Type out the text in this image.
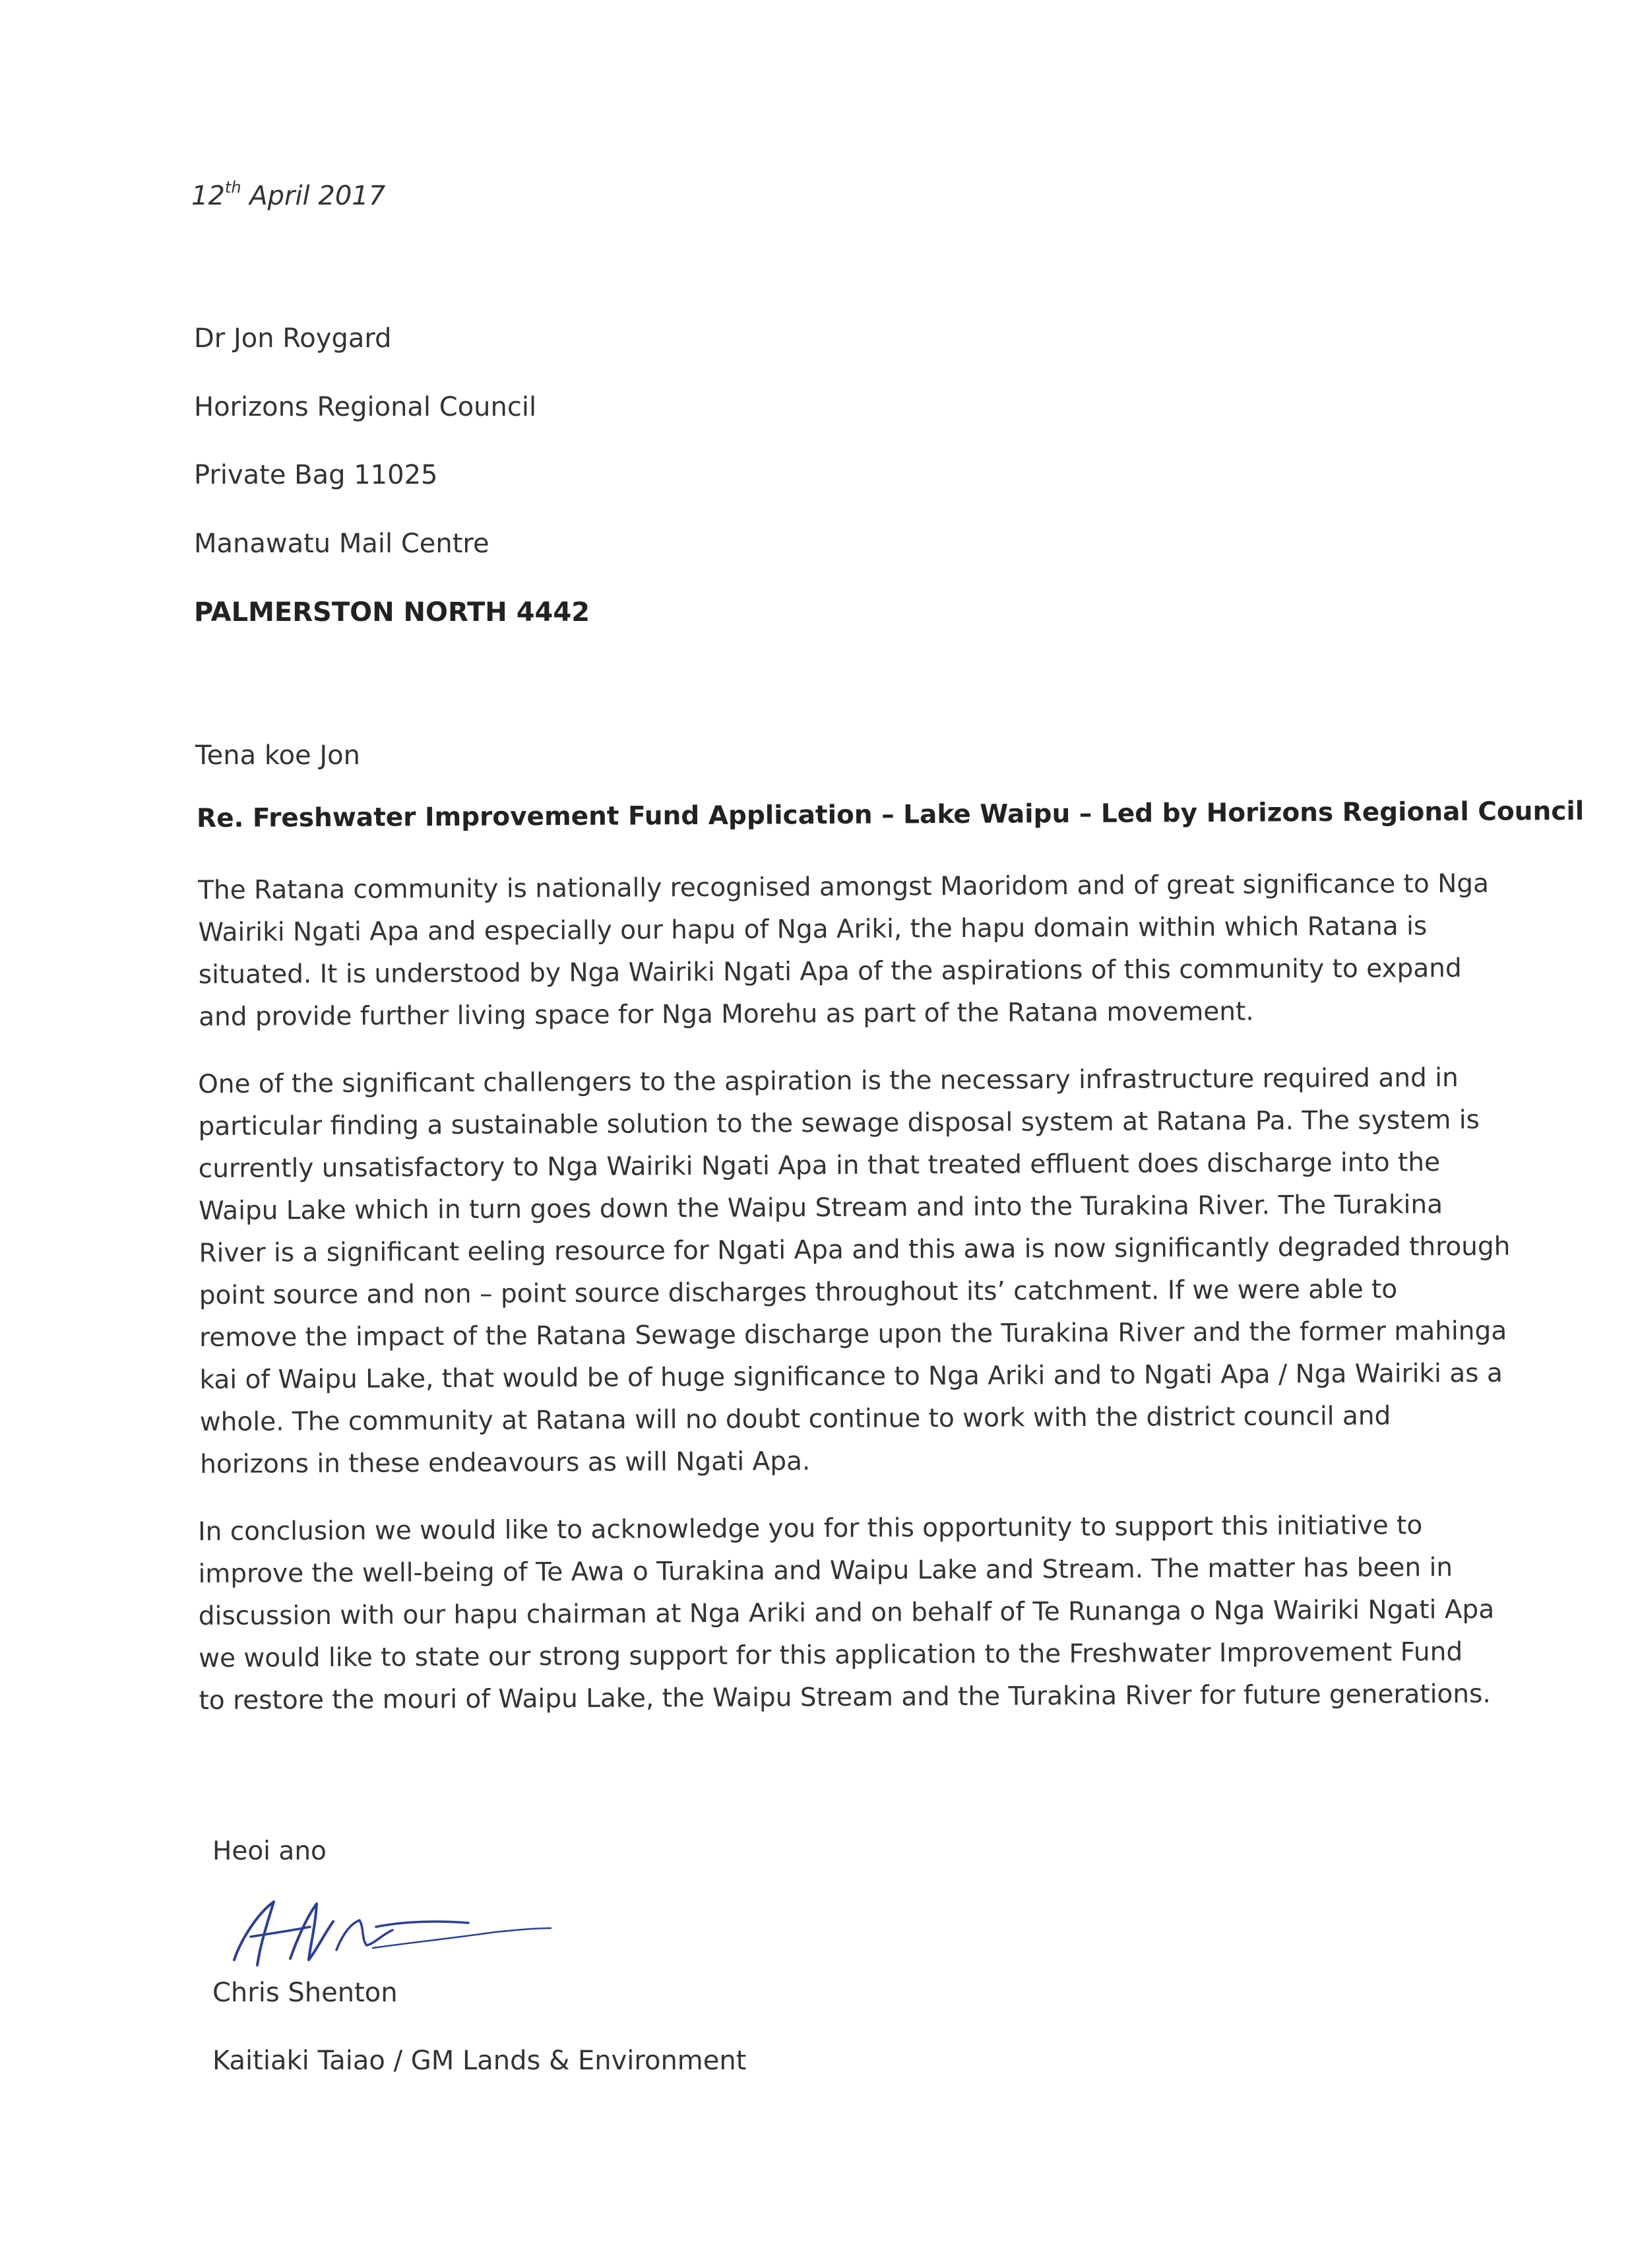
12th April 2017
Dr Jon Roygard
Horizons Regional Council
Private Bag 11025
Manawatu Mail Centre
PALMERSTON NORTH 4442
Tena koe Jon
Re. Freshwater Improvement Fund Application – Lake Waipu – Led by Horizons Regional Council
The Ratana community is nationally recognised amongst Maoridom and of great significance to Nga
Wairiki Ngati Apa and especially our hapu of Nga Ariki, the hapu domain within which Ratana is
situated. It is understood by Nga Wairiki Ngati Apa of the aspirations of this community to expand
and provide further living space for Nga Morehu as part of the Ratana movement.
One of the significant challengers to the aspiration is the necessary infrastructure required and in
particular finding a sustainable solution to the sewage disposal system at Ratana Pa. The system is
currently unsatisfactory to Nga Wairiki Ngati Apa in that treated effluent does discharge into the
Waipu Lake which in turn goes down the Waipu Stream and into the Turakina River. The Turakina
River is a significant eeling resource for Ngati Apa and this awa is now significantly degraded through
point source and non – point source discharges throughout its’ catchment. If we were able to
remove the impact of the Ratana Sewage discharge upon the Turakina River and the former mahinga
kai of Waipu Lake, that would be of huge significance to Nga Ariki and to Ngati Apa / Nga Wairiki as a
whole. The community at Ratana will no doubt continue to work with the district council and
horizons in these endeavours as will Ngati Apa.
In conclusion we would like to acknowledge you for this opportunity to support this initiative to
improve the well-being of Te Awa o Turakina and Waipu Lake and Stream. The matter has been in
discussion with our hapu chairman at Nga Ariki and on behalf of Te Runanga o Nga Wairiki Ngati Apa
we would like to state our strong support for this application to the Freshwater Improvement Fund
to restore the mouri of Waipu Lake, the Waipu Stream and the Turakina River for future generations.
Heoi ano
Chris Shenton
Kaitiaki Taiao / GM Lands & Environment
